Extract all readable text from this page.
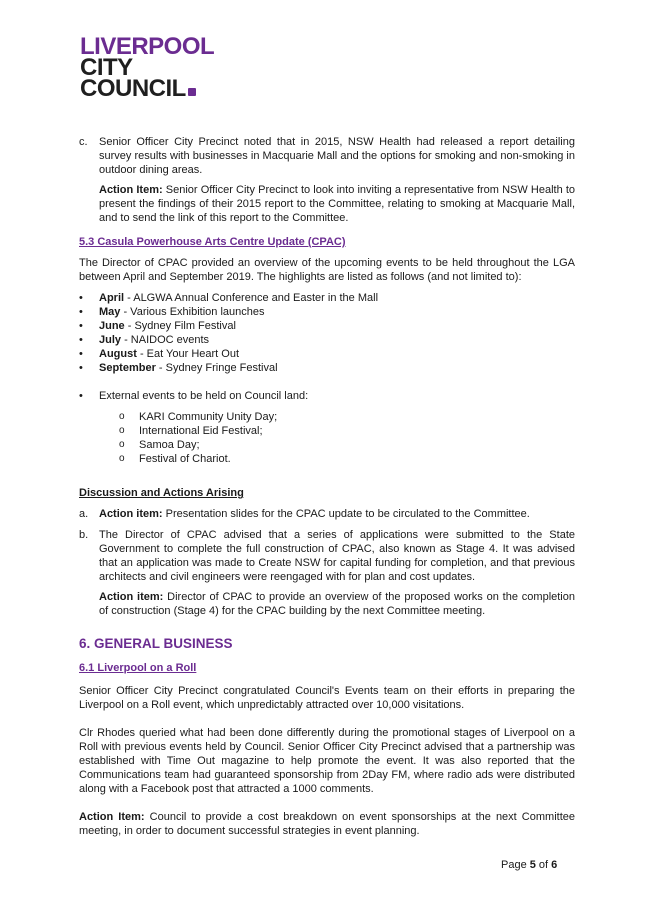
LIVERPOOL
CITY
COUNCIL
c. Senior Officer City Precinct noted that in 2015, NSW Health had released a report detailing survey results with businesses in Macquarie Mall and the options for smoking and non-smoking in outdoor dining areas.

Action Item: Senior Officer City Precinct to look into inviting a representative from NSW Health to present the findings of their 2015 report to the Committee, relating to smoking at Macquarie Mall, and to send the link of this report to the Committee.

5.3 Casula Powerhouse Arts Centre Update (CPAC)

The Director of CPAC provided an overview of the upcoming events to be held throughout the LGA between April and September 2019. The highlights are listed as follows (and not limited to):

• April - ALGWA Annual Conference and Easter in the Mall
• May - Various Exhibition launches
• June - Sydney Film Festival
• July - NAIDOC events
• August - Eat Your Heart Out
• September - Sydney Fringe Festival
• External events to be held on Council land:
o KARI Community Unity Day;
o International Eid Festival;
o Samoa Day;
o Festival of Chariot.
Discussion and Actions Arising
a. Action item: Presentation slides for the CPAC update to be circulated to the Committee.

b. The Director of CPAC advised that a series of applications were submitted to the State Government to complete the full construction of CPAC, also known as Stage 4. It was advised that an application was made to Create NSW for capital funding for completion, and that previous architects and civil engineers were reengaged with for plan and cost updates.

Action item: Director of CPAC to provide an overview of the proposed works on the completion of construction (Stage 4) for the CPAC building by the next Committee meeting.

6. GENERAL BUSINESS
6.1 Liverpool on a Roll

Senior Officer City Precinct congratulated Council's Events team on their efforts in preparing the Liverpool on a Roll event, which unpredictably attracted over 10,000 visitations.

Clr Rhodes queried what had been done differently during the promotional stages of Liverpool on a Roll with previous events held by Council. Senior Officer City Precinct advised that a partnership was established with Time Out magazine to help promote the event. It was also reported that the Communications team had guaranteed sponsorship from 2Day FM, where radio ads were distributed along with a Facebook post that attracted a 1000 comments.

Action Item: Council to provide a cost breakdown on event sponsorships at the next Committee meeting, in order to document successful strategies in event planning.

Page 5 of 6
